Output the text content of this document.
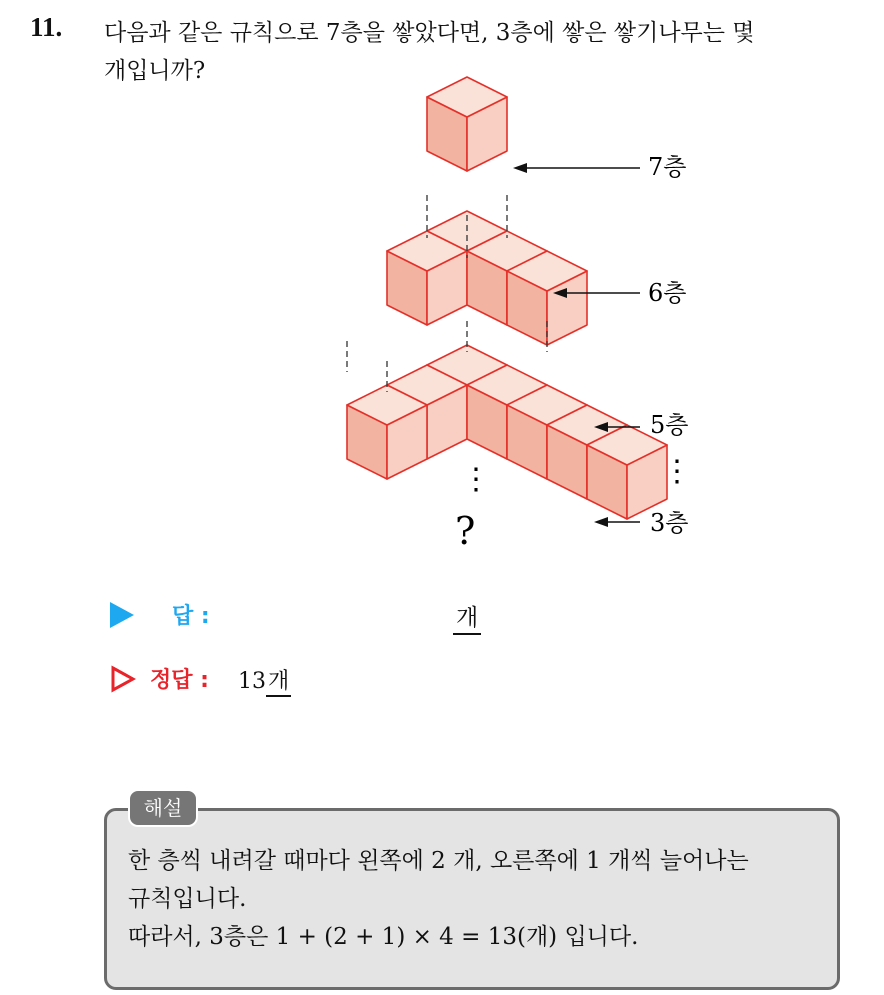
11. 다음과 같은 규칙으로 7층을 쌓았다면, 3층에 쌓은 쌓기나무는 몇
개입니까?
7층
6층
5층
3층
⋮	⋮
?
답 :	개
정답 : 13개
해설
한 층씩 내려갈 때마다 왼쪽에 2 개, 오른쪽에 1 개씩 늘어나는
규칙입니다.
따라서, 3층은 1 + (2 + 1) × 4 = 13(개) 입니다.
